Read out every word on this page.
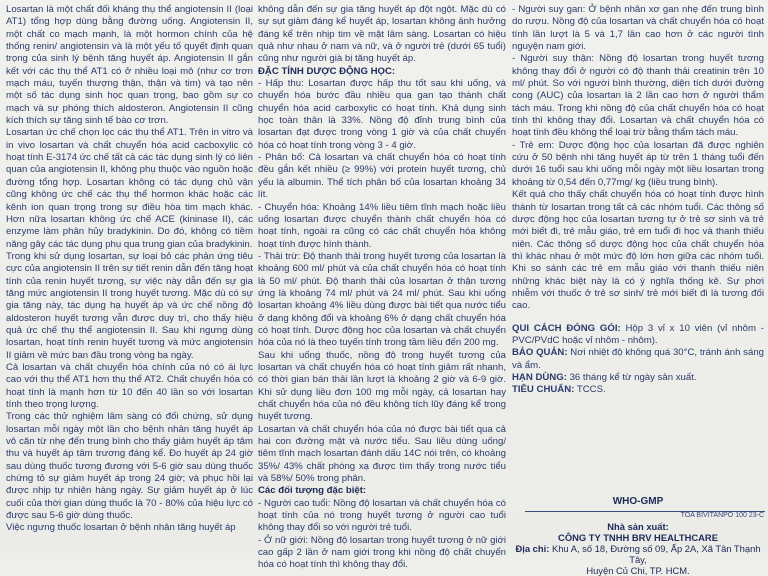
Losartan là một chất đối kháng thụ thể angiotensin II (loại AT1) tổng hợp dùng bằng đường uống. Angiotensin II, một chất co mạch mạnh, là một hormon chính của hệ thống renin/ angiotensin và là một yếu tố quyết định quan trọng của sinh lý bệnh tăng huyết áp. Angiotensin II gắn kết với các thụ thể AT1 có ở nhiều loại mô (như cơ trơn mạch máu, tuyến thượng thận, thận và tim) và tạo nên một số tác dụng sinh học quan trọng, bao gồm sự co mạch và sự phóng thích aldosteron. Angiotensin II cũng kích thích sự tăng sinh tế bào cơ trơn.

Losartan ức chế chọn lọc các thụ thể AT1. Trên in vitro và in vivo losartan và chất chuyển hóa acid cacboxylic có hoạt tính E-3174 ức chế tất cả các tác dụng sinh lý có liên quan của angiotensin II, không phụ thuộc vào nguồn hoặc đường tổng hợp. Losartan không có tác dụng chủ vận cũng không ức chế các thụ thể hormon khác hoặc các kênh ion quan trọng trong sự điều hòa tim mạch khác. Hơn nữa losartan không ức chế ACE (kininase II), các enzyme làm phân hủy bradykinin. Do đó, không có tiềm năng gây các tác dụng phụ qua trung gian của bradykinin.

Trong khi sử dụng losartan, sự loại bỏ các phản ứng tiêu cực của angiotensin II trên sự tiết renin dẫn đến tăng hoạt tính của renin huyết tương, sự việc này dẫn đến sự gia tăng mức angiotensin II trong huyết tương. Mặc dù có sự gia tăng này, tác dụng hạ huyết áp và ức chế nồng độ aldosteron huyết tương vẫn được duy trì, cho thấy hiệu quả ức chế thụ thể angiotensin II. Sau khi ngưng dùng losartan, hoạt tính renin huyết tương và mức angiotensin II giảm về mức ban đầu trong vòng ba ngày.

Cả losartan và chất chuyển hóa chính của nó có ái lực cao với thụ thể AT1 hơn thụ thể AT2. Chất chuyển hóa có hoạt tính là mạnh hơn từ 10 đến 40 lần so với losartan tính theo trọng lượng.

Trong các thử nghiệm lâm sàng có đối chứng, sử dụng losartan mỗi ngày một lần cho bệnh nhân tăng huyết áp vô căn từ nhẹ đến trung bình cho thấy giảm huyết áp tâm thu và huyết áp tâm trương đáng kể. Đo huyết áp 24 giờ sau dùng thuốc tương đương với 5-6 giờ sau dùng thuốc chứng tỏ sự giảm huyết áp trong 24 giờ; và phục hồi lại được nhịp tự nhiên hàng ngày. Sự giảm huyết áp ở lúc cuối của thời gian dùng thuốc là 70 - 80% của hiệu lực có được sau 5-6 giờ dùng thuốc.

Việc ngưng thuốc losartan ở bệnh nhân tăng huyết áp

không dẫn đến sự gia tăng huyết áp đột ngột. Mặc dù có sự sụt giảm đáng kể huyết áp, losartan không ảnh hưởng đáng kể trên nhịp tim về mặt lâm sàng. Losartan có hiệu quả như nhau ở nam và nữ, và ở người trẻ (dưới 65 tuổi) cũng như người già bị tăng huyết áp.

ĐẶC TÍNH DƯỢC ĐỘNG HỌC:

- Hấp thu: Losartan được hấp thu tốt sau khi uống, và chuyển hóa bước đầu nhiều qua gan tạo thành chất chuyển hóa acid carboxylic có hoạt tính. Khả dụng sinh học toàn thân là 33%. Nồng độ đỉnh trung bình của losartan đạt được trong vòng 1 giờ và của chất chuyển hóa có hoạt tính trong vòng 3 - 4 giờ.

- Phân bố: Cả losartan và chất chuyển hóa có hoạt tính đều gắn kết nhiều (≥ 99%) với protein huyết tương, chủ yếu là albumin. Thể tích phân bố của losartan khoảng 34 lít.

- Chuyển hóa: Khoảng 14% liều tiêm tĩnh mạch hoặc liều uống losartan được chuyển thành chất chuyển hóa có hoạt tính, ngoài ra cũng có các chất chuyển hóa không hoạt tính được hình thành.

- Thải trừ: Độ thanh thải trong huyết tương của losartan là khoảng 600 ml/ phút và của chất chuyển hóa có hoạt tính là 50 ml/ phút. Độ thanh thải của losartan ở thận tương ứng là khoảng 74 ml/ phút và 24 ml/ phút. Sau khi uống losartan khoảng 4% liều dùng được bài tiết qua nước tiểu ở dạng không đổi và khoảng 6% ở dạng chất chuyển hóa có hoạt tính. Dược động học của losartan và chất chuyển hóa của nó là theo tuyến tính trong tầm liều đến 200 mg.

Sau khi uống thuốc, nồng độ trong huyết tương của losartan và chất chuyển hóa có hoạt tính giảm rất nhanh, có thời gian bán thải lần lượt là khoảng 2 giờ và 6-9 giờ. Khi sử dụng liều đơn 100 mg mỗi ngày, cả losartan hay chất chuyển hóa của nó đều không tích lũy đáng kể trong huyết tương.

Losartan và chất chuyển hóa của nó được bài tiết qua cả hai con đường mật và nước tiểu. Sau liều dùng uống/ tiêm tĩnh mạch losartan đánh dấu 14C nói trên, có khoảng 35%/ 43% chất phóng xạ được tìm thấy trong nước tiểu và 58%/ 50% trong phân.

Các đối tượng đặc biệt:

- Người cao tuổi: Nồng độ losartan và chất chuyển hóa có hoạt tính của nó trong huyết tương ở người cao tuổi không thay đổi so với người trẻ tuổi.

- Ở nữ giới: Nồng độ losartan trong huyết tương ở nữ giới cao gấp 2 lần ở nam giới trong khi nồng độ chất chuyển hóa có hoạt tính thì không thay đổi.

- Người suy gan: Ở bệnh nhân xơ gan nhẹ đến trung bình do rượu. Nồng độ của losartan và chất chuyển hóa có hoạt tính lần lượt là 5 và 1,7 lần cao hơn ở các người tình nguyện nam giới.

- Người suy thận: Nồng độ losartan trong huyết tương không thay đổi ở người có độ thanh thải creatinin trên 10 ml/ phút. So với người bình thường, diện tích dưới đường cong (AUC) của losartan là 2 lần cao hơn ở người thẩm tách máu. Trong khi nồng độ của chất chuyển hóa có hoạt tính thì không thay đổi. Losartan và chất chuyển hóa có hoạt tính đều không thể loại trừ bằng thẩm tách máu.

- Trẻ em: Dược động học của losartan đã được nghiên cứu ở 50 bệnh nhi tăng huyết áp từ trên 1 tháng tuổi đến dưới 16 tuổi sau khi uống mỗi ngày một liều losartan trong khoảng từ 0,54 đến 0,77mg/ kg (liều trung bình).

Kết quả cho thấy chất chuyển hóa có hoạt tính được hình thành từ losartan trong tất cả các nhóm tuổi. Các thông số dược động học của losartan tương tự ở trẻ sơ sinh và trẻ mới biết đi, trẻ mẫu giáo, trẻ em tuổi đi học và thanh thiếu niên. Các thông số dược động học của chất chuyển hóa thì khác nhau ở một mức độ lớn hơn giữa các nhóm tuổi. Khi so sánh các trẻ em mẫu giáo với thanh thiếu niên những khác biệt này là có ý nghĩa thống kê. Sự phơi nhiễm với thuốc ở trẻ sơ sinh/ trẻ mới biết đi là tương đối cao.

QUI CÁCH ĐÓNG GÓI: Hộp 3 vỉ x 10 viên (vỉ nhôm - PVC/PVdC hoặc vỉ nhôm - nhôm).

BẢO QUẢN: Nơi nhiệt độ không quá 30°C, tránh ánh sáng và ẩm.

HẠN DÙNG: 36 tháng kể từ ngày sản xuất.

TIÊU CHUẨN: TCCS.

WHO-GMP
TOA BIVITANPO 100 23-C
Nhà sản xuất:
CÔNG TY TNHH BRV HEALTHCARE
Địa chỉ: Khu A, số 18, Đường số 09, Ấp 2A, Xã Tân Thạnh Tây,
Huyện Củ Chi, TP. HCM.
